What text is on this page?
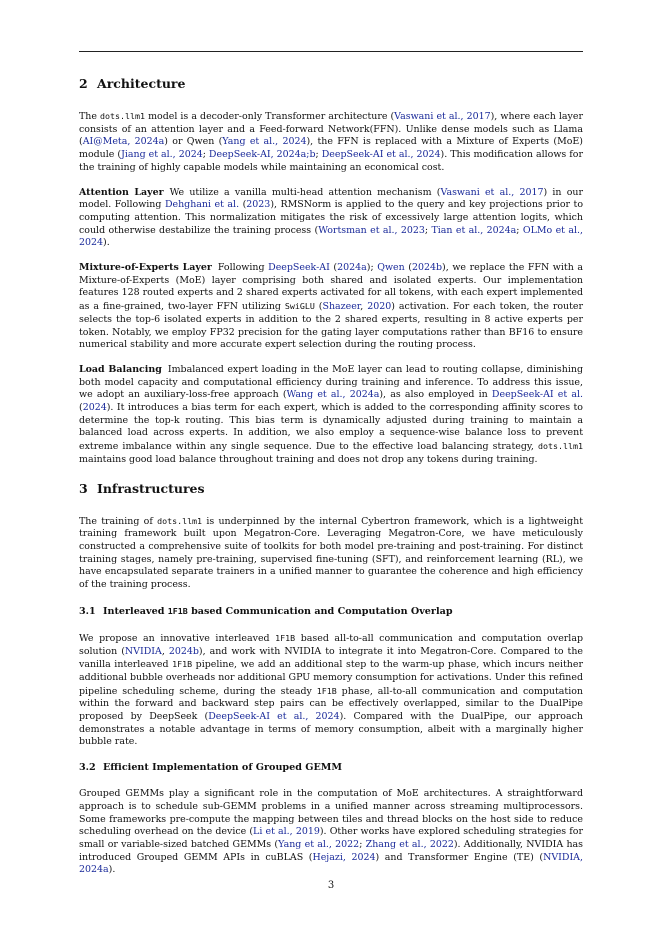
2 Architecture

The dots.llm1 model is a decoder-only Transformer architecture (Vaswani et al., 2017), where each layer consists of an attention layer and a Feed-forward Network(FFN). Unlike dense models such as Llama (AI@Meta, 2024a) or Qwen (Yang et al., 2024), the FFN is replaced with a Mixture of Experts (MoE) module (Jiang et al., 2024; DeepSeek-AI, 2024a;b; DeepSeek-AI et al., 2024). This modification allows for the training of highly capable models while maintaining an economical cost.

Attention Layer We utilize a vanilla multi-head attention mechanism (Vaswani et al., 2017) in our model. Following Dehghani et al. (2023), RMSNorm is applied to the query and key projections prior to computing attention. This normalization mitigates the risk of excessively large attention logits, which could otherwise destabilize the training process (Wortsman et al., 2023; Tian et al., 2024a; OLMo et al., 2024).

Mixture-of-Experts Layer Following DeepSeek-AI (2024a); Qwen (2024b), we replace the FFN with a Mixture-of-Experts (MoE) layer comprising both shared and isolated experts. Our implementation features 128 routed experts and 2 shared experts activated for all tokens, with each expert implemented as a fine-grained, two-layer FFN utilizing SwiGLU (Shazeer, 2020) activation. For each token, the router selects the top-6 isolated experts in addition to the 2 shared experts, resulting in 8 active experts per token. Notably, we employ FP32 precision for the gating layer computations rather than BF16 to ensure numerical stability and more accurate expert selection during the routing process.

Load Balancing Imbalanced expert loading in the MoE layer can lead to routing collapse, diminishing both model capacity and computational efficiency during training and inference. To address this issue, we adopt an auxiliary-loss-free approach (Wang et al., 2024a), as also employed in DeepSeek-AI et al. (2024). It introduces a bias term for each expert, which is added to the corresponding affinity scores to determine the top-k routing. This bias term is dynamically adjusted during training to maintain a balanced load across experts. In addition, we also employ a sequence-wise balance loss to prevent extreme imbalance within any single sequence. Due to the effective load balancing strategy, dots.llm1 maintains good load balance throughout training and does not drop any tokens during training.

3 Infrastructures

The training of dots.llm1 is underpinned by the internal Cybertron framework, which is a lightweight training framework built upon Megatron-Core. Leveraging Megatron-Core, we have meticulously constructed a comprehensive suite of toolkits for both model pre-training and post-training. For distinct training stages, namely pre-training, supervised fine-tuning (SFT), and reinforcement learning (RL), we have encapsulated separate trainers in a unified manner to guarantee the coherence and high efficiency of the training process.

3.1 Interleaved 1F1B based Communication and Computation Overlap

We propose an innovative interleaved 1F1B based all-to-all communication and computation overlap solution (NVIDIA, 2024b), and work with NVIDIA to integrate it into Megatron-Core. Compared to the vanilla interleaved 1F1B pipeline, we add an additional step to the warm-up phase, which incurs neither additional bubble overheads nor additional GPU memory consumption for activations. Under this refined pipeline scheduling scheme, during the steady 1F1B phase, all-to-all communication and computation within the forward and backward step pairs can be effectively overlapped, similar to the DualPipe proposed by DeepSeek (DeepSeek-AI et al., 2024). Compared with the DualPipe, our approach demonstrates a notable advantage in terms of memory consumption, albeit with a marginally higher bubble rate.

3.2 Efficient Implementation of Grouped GEMM

Grouped GEMMs play a significant role in the computation of MoE architectures. A straightforward approach is to schedule sub-GEMM problems in a unified manner across streaming multiprocessors. Some frameworks pre-compute the mapping between tiles and thread blocks on the host side to reduce scheduling overhead on the device (Li et al., 2019). Other works have explored scheduling strategies for small or variable-sized batched GEMMs (Yang et al., 2022; Zhang et al., 2022). Additionally, NVIDIA has introduced Grouped GEMM APIs in cuBLAS (Hejazi, 2024) and Transformer Engine (TE) (NVIDIA, 2024a).

3
